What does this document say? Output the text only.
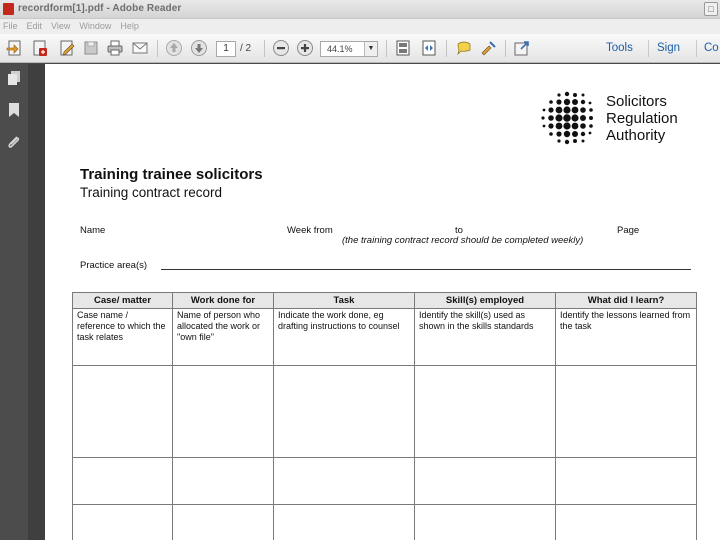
recordform[1].pdf - Adobe Reader	□
File Edit View Window Help
1	/ 2	44.1%	▼	Tools Sign Co
Solicitors
Regulation
Authority
Training trainee solicitors
Training contract record
Name	Week from	to	Page
(the training contract record should be completed weekly)
Practice area(s)
Case/ matter	Work done for	Task	Skill(s) employed	What did I learn?
Case name / reference to which the task relates	Name of person who allocated the work or "own file"	Indicate the work done, eg drafting instructions to counsel	Identify the skill(s) used as shown in the skills standards	Identify the lessons learned from the task
